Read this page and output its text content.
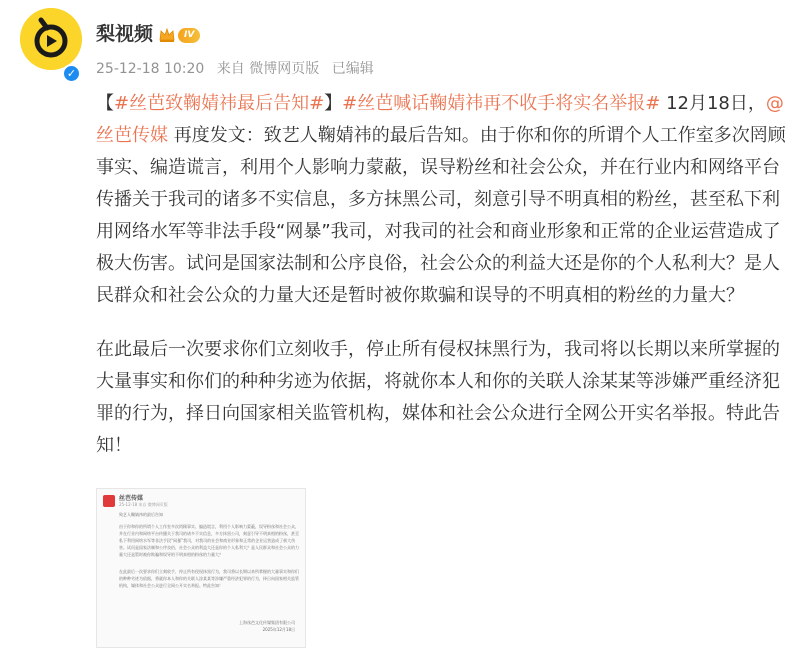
✓
梨视频	IV
25-12-18 10:20 来自 微博网页版 已编辑

【#丝芭致鞠婧祎最后告知#】#丝芭喊话鞠婧祎再不收手将实名举报# 12月18日，@丝芭传媒 再度发文：致艺人鞠婧祎的最后告知。由于你和你的所谓个人工作室多次罔顾事实、编造谎言，利用个人影响力蒙蔽，误导粉丝和社会公众，并在行业内和网络平台传播关于我司的诸多不实信息，多方抹黑公司，刻意引导不明真相的粉丝，甚至私下利用网络水军等非法手段“网暴”我司，对我司的社会和商业形象和正常的企业运营造成了极大伤害。试问是国家法制和公序良俗，社会公众的利益大还是你的个人私利大？是人民群众和社会公众的力量大还是暂时被你欺骗和误导的不明真相的粉丝的力量大？

在此最后一次要求你们立刻收手，停止所有侵权抹黑行为，我司将以长期以来所掌握的大量事实和你们的种种劣迹为依据，将就你本人和你的关联人涂某某等涉嫌严重经济犯罪的行为，择日向国家相关监管机构，媒体和社会公众进行全网公开实名举报。特此告知！

丝芭传媒
25-12-18 来自 微博网页版

致艺人鞠婧祎的最后告知

由于你和你的所谓个人工作室多次罔顾事实、编造谎言，利用个人影响力蒙蔽，误导粉丝和社会公众，并在行业内和网络平台传播关于我司的诸多不实信息，多方抹黑公司，刻意引导不明真相的粉丝，甚至私下利用网络水军等非法手段“网暴”我司，对我司的社会和商业形象和正常的企业运营造成了极大伤害。试问是国家法制和公序良俗，社会公众的利益大还是你的个人私利大？是人民群众和社会公众的力量大还是暂时被你欺骗和误导的不明真相的粉丝的力量大？

在此最后一次要求你们立刻收手，停止所有侵权抹黑行为，我司将以长期以来所掌握的大量事实和你们的种种劣迹为依据，将就你本人和你的关联人涂某某等涉嫌严重经济犯罪的行为，择日向国家相关监管机构，媒体和社会公众进行全网公开实名举报。特此告知！

上海丝芭文化传媒集团有限公司
2025年12月18日
